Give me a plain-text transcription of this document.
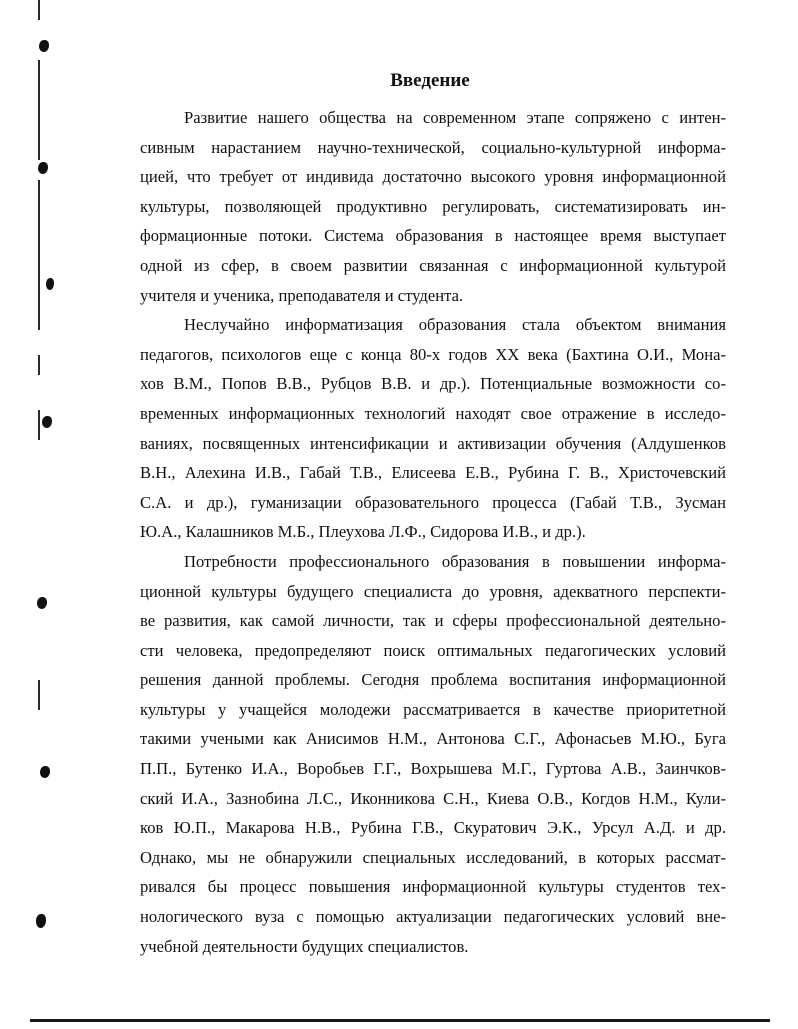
Введение

Развитие нашего общества на современном этапе сопряжено с интен-
сивным нарастанием научно-технической, социально-культурной информа-
цией, что требует от индивида достаточно высокого уровня информационной
культуры, позволяющей продуктивно регулировать, систематизировать ин-
формационные потоки. Система образования в настоящее время выступает
одной из сфер, в своем развитии связанная с информационной культурой
учителя и ученика, преподавателя и студента.

Неслучайно информатизация образования стала объектом внимания
педагогов, психологов еще с конца 80-х годов XX века (Бахтина О.И., Мона-
хов В.М., Попов В.В., Рубцов В.В. и др.). Потенциальные возможности со-
временных информационных технологий находят свое отражение в исследо-
ваниях, посвященных интенсификации и активизации обучения (Алдушенков
В.Н., Алехина И.В., Габай Т.В., Елисеева Е.В., Рубина Г. В., Христочевский
С.А. и др.), гуманизации образовательного процесса (Габай Т.В., Зусман
Ю.А., Калашников М.Б., Плеухова Л.Ф., Сидорова И.В., и др.).

Потребности профессионального образования в повышении информа-
ционной культуры будущего специалиста до уровня, адекватного перспекти-
ве развития, как самой личности, так и сферы профессиональной деятельно-
сти человека, предопределяют поиск оптимальных педагогических условий
решения данной проблемы. Сегодня проблема воспитания информационной
культуры у учащейся молодежи рассматривается в качестве приоритетной
такими учеными как Анисимов Н.М., Антонова С.Г., Афонасьев М.Ю., Буга
П.П., Бутенко И.А., Воробьев Г.Г., Вохрышева М.Г., Гуртова А.В., Заинчков-
ский И.А., Зазнобина Л.С., Иконникова С.Н., Киева О.В., Когдов Н.М., Кули-
ков Ю.П., Макарова Н.В., Рубина Г.В., Скуратович Э.К., Урсул А.Д. и др.
Однако, мы не обнаружили специальных исследований, в которых рассмат-
ривался бы процесс повышения информационной культуры студентов тех-
нологического вуза с помощью актуализации педагогических условий вне-
учебной деятельности будущих специалистов.
